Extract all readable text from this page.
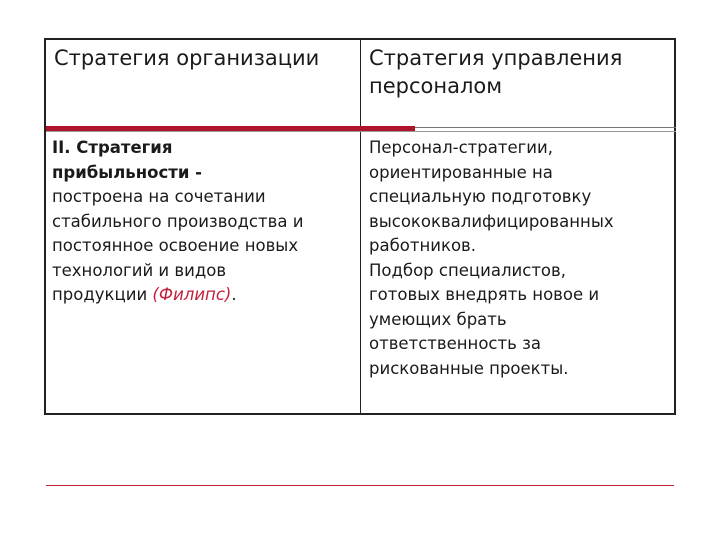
Стратегия организации Стратегия управления
персоналом
II. Стратегия
прибыльности -
построена на сочетании
стабильного производства и
постоянное освоение новых
технологий и видов
продукции (Филипс).
Персонал-стратегии,
ориентированные на
специальную подготовку
высококвалифицированных
работников.
Подбор специалистов,
готовых внедрять новое и
умеющих брать
ответственность за
рискованные проекты.
